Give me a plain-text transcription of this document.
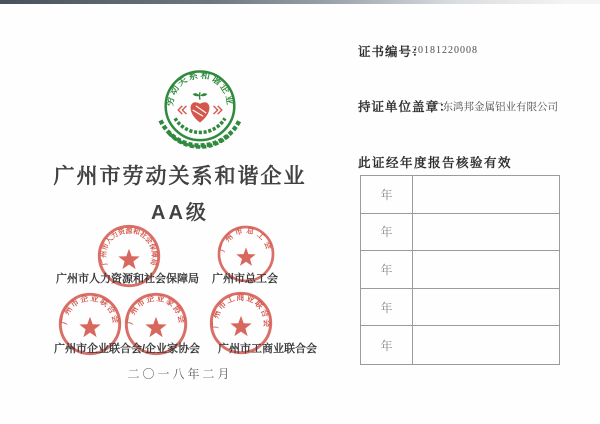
劳动关系和谐企业
广州市劳动关系和谐企业
AA级
广州市人力资源和社会保障局
广州市总工会
广州市企业联合会 广州市企业家协会 广州市工商业联合会
广州市人力资源和社会保障局 广州市总工会
广州市企业联合会/企业家协会 广州市工商业联合会
二〇一八年二月
证书编号：
20181220008
持证单位盖章：
广东鸿邦金属铝业有限公司
此证经年度报告核验有效
年
年
年
年
年
